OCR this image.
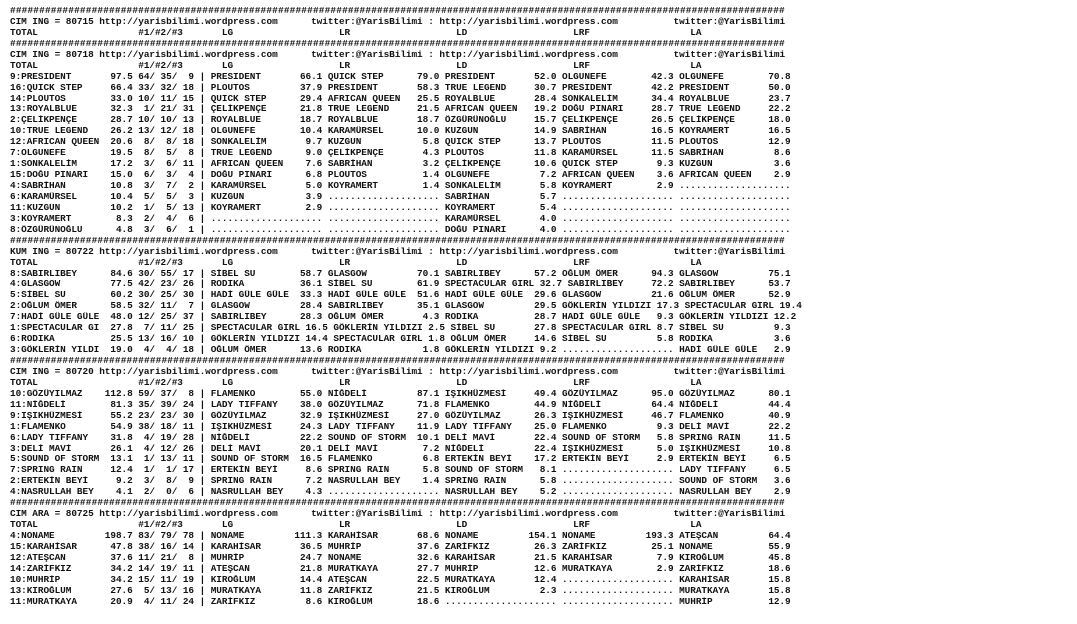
#####################################################################################################################################
CIM ING = 80715 http://yarisbilimi.wordpress.com      twitter:@YarisBilimi : http://yarisbilimi.wordpress.com          twitter:@YarisBilimi
TOTAL                  #1/#2/#3       LG                   LR                   LD                   LRF                  LA
#####################################################################################################################################
CIM ING = 80718 http://yarisbilimi.wordpress.com      twitter:@YarisBilimi : http://yarisbilimi.wordpress.com          twitter:@YarisBilimi
TOTAL                  #1/#2/#3       LG                   LR                   LD                   LRF                  LA
9:PRESIDENT       97.5 64/ 35/  9 | PRESIDENT       66.1 QUICK STEP      79.0 PRESIDENT       52.0 OLGUNEFE        42.3 OLGUNEFE        70.8
16:QUICK STEP     66.4 33/ 32/ 18 | PLOUTOS         37.9 PRESIDENT       58.3 TRUE LEGEND     30.7 PRESIDENT       42.2 PRESIDENT       50.0
14:PLOUTOS        33.0 10/ 11/ 15 | QUICK STEP      29.4 AFRICAN QUEEN   25.5 ROYALBLUE       28.4 SONKALELİM      34.4 ROYALBLUE       23.7
13:ROYALBLUE      32.3  1/ 21/ 31 | ÇELİKPENÇE      21.8 TRUE LEGEND     21.5 AFRICAN QUEEN   19.2 DOĞU PINARI     28.7 TRUE LEGEND     22.2
2:ÇELİKPENÇE      28.7 10/ 10/ 13 | ROYALBLUE       18.7 ROYALBLUE       18.7 ÖZGÜRÜNOĞLU     15.7 ÇELİKPENÇE      26.5 ÇELİKPENÇE      18.0
10:TRUE LEGEND    26.2 13/ 12/ 18 | OLGUNEFE        10.4 KARAMÜRSEL      10.0 KUZGUN          14.9 SABRİHAN        16.5 KOYRAMERT       16.5
12:AFRICAN QUEEN  20.6  8/  8/ 18 | SONKALELİM       9.7 KUZGUN           5.8 QUICK STEP      13.7 PLOUTOS         11.5 PLOUTOS         12.9
7:OLGUNEFE        19.5  8/  5/  8 | TRUE LEGEND      9.0 ÇELİKPENÇE       4.3 PLOUTOS         11.8 KARAMÜRSEL      11.5 SABRİHAN         8.6
1:SONKALELİM      17.2  3/  6/ 11 | AFRICAN QUEEN    7.6 SABRİHAN         3.2 ÇELİKPENÇE      10.6 QUICK STEP       9.3 KUZGUN           3.6
15:DOĞU PINARI    15.0  6/  3/  4 | DOĞU PINARI      6.8 PLOUTOS          1.4 OLGUNEFE         7.2 AFRICAN QUEEN    3.6 AFRICAN QUEEN    2.9
4:SABRİHAN        10.8  3/  7/  2 | KARAMÜRSEL       5.0 KOYRAMERT        1.4 SONKALELİM       5.8 KOYRAMERT        2.9 ....................
6:KARAMÜRSEL      10.4  5/  5/  3 | KUZGUN           3.9 .................... SABRİHAN         5.7 .................... ....................
11:KUZGUN         10.2  1/  5/ 13 | KOYRAMERT        2.9 .................... KOYRAMERT        5.4 .................... ....................
3:KOYRAMERT        8.3  2/  4/  6 | .................... .................... KARAMÜRSEL       4.0 .................... ....................
8:ÖZGÜRÜNOĞLU      4.8  3/  6/  1 | .................... .................... DOĞU PINARI      4.0 .................... ....................
#####################################################################################################################################
KUM ING = 80722 http://yarisbilimi.wordpress.com      twitter:@YarisBilimi : http://yarisbilimi.wordpress.com          twitter:@YarisBilimi
TOTAL                  #1/#2/#3       LG                   LR                   LD                   LRF                  LA
8:SABIRLIBEY      84.6 30/ 55/ 17 | SİBEL SU        58.7 GLASGOW         70.1 SABIRLIBEY      57.2 OĞLUM ÖMER      94.3 GLASGOW         75.1
4:GLASGOW         77.5 42/ 23/ 26 | RODIKA          36.1 SİBEL SU        61.9 SPECTACULAR GIRL 32.7 SABIRLIBEY     72.2 SABIRLIBEY      53.7
5:SİBEL SU        60.2 30/ 25/ 30 | HADİ GÜLE GÜLE  33.3 HADİ GÜLE GÜLE  51.6 HADİ GÜLE GÜLE  29.6 GLASGOW         21.6 OĞLUM ÖMER      52.9
2:OĞLUM ÖMER      58.5 32/ 11/  7 | GLASGOW         28.4 SABIRLIBEY      35.1 GLASGOW         29.5 GÖKLERİN YILDIZI 17.3 SPECTACULAR GIRL 19.4
7:HADİ GÜLE GÜLE  48.0 12/ 25/ 37 | SABIRLIBEY      28.3 OĞLUM ÖMER       4.3 RODIKA          28.7 HADİ GÜLE GÜLE   9.3 GÖKLERİN YILDIZI 12.2
1:SPECTACULAR GI  27.8  7/ 11/ 25 | SPECTACULAR GIRL 16.5 GÖKLERİN YILDIZI 2.5 SİBEL SU       27.8 SPECTACULAR GIRL 8.7 SİBEL SU         9.3
6:RODIKA          25.5 13/ 16/ 10 | GÖKLERİN YILDIZI 14.4 SPECTACULAR GIRL 1.8 OĞLUM ÖMER     14.6 SİBEL SU         5.8 RODIKA           3.6
3:GÖKLERİN YILDI  19.0  4/  4/ 18 | OĞLUM ÖMER      13.6 RODIKA           1.8 GÖKLERİN YILDIZI 9.2 .................... HADİ GÜLE GÜLE   2.9
#####################################################################################################################################
CIM ING = 80720 http://yarisbilimi.wordpress.com      twitter:@YarisBilimi : http://yarisbilimi.wordpress.com          twitter:@YarisBilimi
TOTAL                  #1/#2/#3       LG                   LR                   LD                   LRF                  LA
10:GÖZÜYILMAZ    112.8 59/ 37/  8 | FLAMENKO        55.0 NİĞDELİ         87.1 IŞIKHÜZMESİ     49.4 GÖZÜYILMAZ      95.0 GÖZÜYILMAZ      80.1
11:NİĞDELİ        81.3 35/ 39/ 24 | LADY TIFFANY    38.0 GÖZÜYILMAZ      71.8 FLAMENKO        44.9 NİĞDELİ         64.4 NİĞDELİ         44.4
9:IŞIKHÜZMESİ     55.2 23/ 23/ 30 | GÖZÜYILMAZ      32.9 IŞIKHÜZMESİ     27.0 GÖZÜYILMAZ      26.3 IŞIKHÜZMESİ     46.7 FLAMENKO        40.9
1:FLAMENKO        54.9 38/ 18/ 11 | IŞIKHÜZMESİ     24.3 LADY TIFFANY    11.9 LADY TIFFANY    25.0 FLAMENKO         9.3 DELİ MAVİ       22.2
6:LADY TIFFANY    31.8  4/ 19/ 28 | NİĞDELİ         22.2 SOUND OF STORM  10.1 DELİ MAVİ       22.4 SOUND OF STORM   5.8 SPRING RAIN     11.5
3:DELİ MAVİ       26.1  4/ 12/ 26 | DELİ MAVİ       20.1 DELİ MAVİ        7.2 NİĞDELİ         22.4 IŞIKHÜZMESİ      5.0 IŞIKHÜZMESİ     10.8
5:SOUND OF STORM  13.1  1/ 13/ 11 | SOUND OF STORM  16.5 FLAMENKO         6.8 ERTEKİN BEYİ    17.2 ERTEKİN BEYİ     2.9 ERTEKİN BEYİ     6.5
7:SPRING RAIN     12.4  1/  1/ 17 | ERTEKİN BEYİ     8.6 SPRING RAIN      5.8 SOUND OF STORM   8.1 .................... LADY TIFFANY     6.5
2:ERTEKİN BEYİ     9.2  3/  8/  9 | SPRING RAIN      7.2 NASRULLAH BEY    1.4 SPRING RAIN      5.8 .................... SOUND OF STORM   3.6
4:NASRULLAH BEY    4.1  2/  0/  6 | NASRULLAH BEY    4.3 .................... NASRULLAH BEY    5.2 .................... NASRULLAH BEY    2.9
#####################################################################################################################################
CIM ARA = 80725 http://yarisbilimi.wordpress.com      twitter:@YarisBilimi : http://yarisbilimi.wordpress.com          twitter:@YarisBilimi
TOTAL                  #1/#2/#3       LG                   LR                   LD                   LRF                  LA
4:NONAME         198.7 83/ 79/ 78 | NONAME         111.3 KARAHİSAR       68.6 NONAME         154.1 NONAME         193.3 ATEŞCAN         64.4
15:KARAHİSAR      47.8 38/ 16/ 14 | KARAHİSAR       36.5 MUHRİP          37.6 ZARİFKIZ        26.3 ZARİFKIZ        25.1 NONAME          55.9
12:ATEŞCAN        37.6 11/ 21/  8 | MUHRİP          24.7 NONAME          32.6 KARAHİSAR       21.5 KARAHİSAR        7.9 KIROĞLUM        45.8
14:ZARİFKIZ       34.2 14/ 19/ 11 | ATEŞCAN         21.8 MURATKAYA       27.7 MUHRİP          12.6 MURATKAYA        2.9 ZARİFKIZ        18.6
10:MUHRİP         34.2 15/ 11/ 19 | KIROĞLUM        14.4 ATEŞCAN         22.5 MURATKAYA       12.4 .................... KARAHİSAR       15.8
13:KIROĞLUM       27.6  5/ 13/ 16 | MURATKAYA       11.8 ZARİFKIZ        21.5 KIROĞLUM         2.3 .................... MURATKAYA       15.8
11:MURATKAYA      20.9  4/ 11/ 24 | ZARİFKIZ         8.6 KIROĞLUM        18.6 .................... .................... MUHRİP          12.9
